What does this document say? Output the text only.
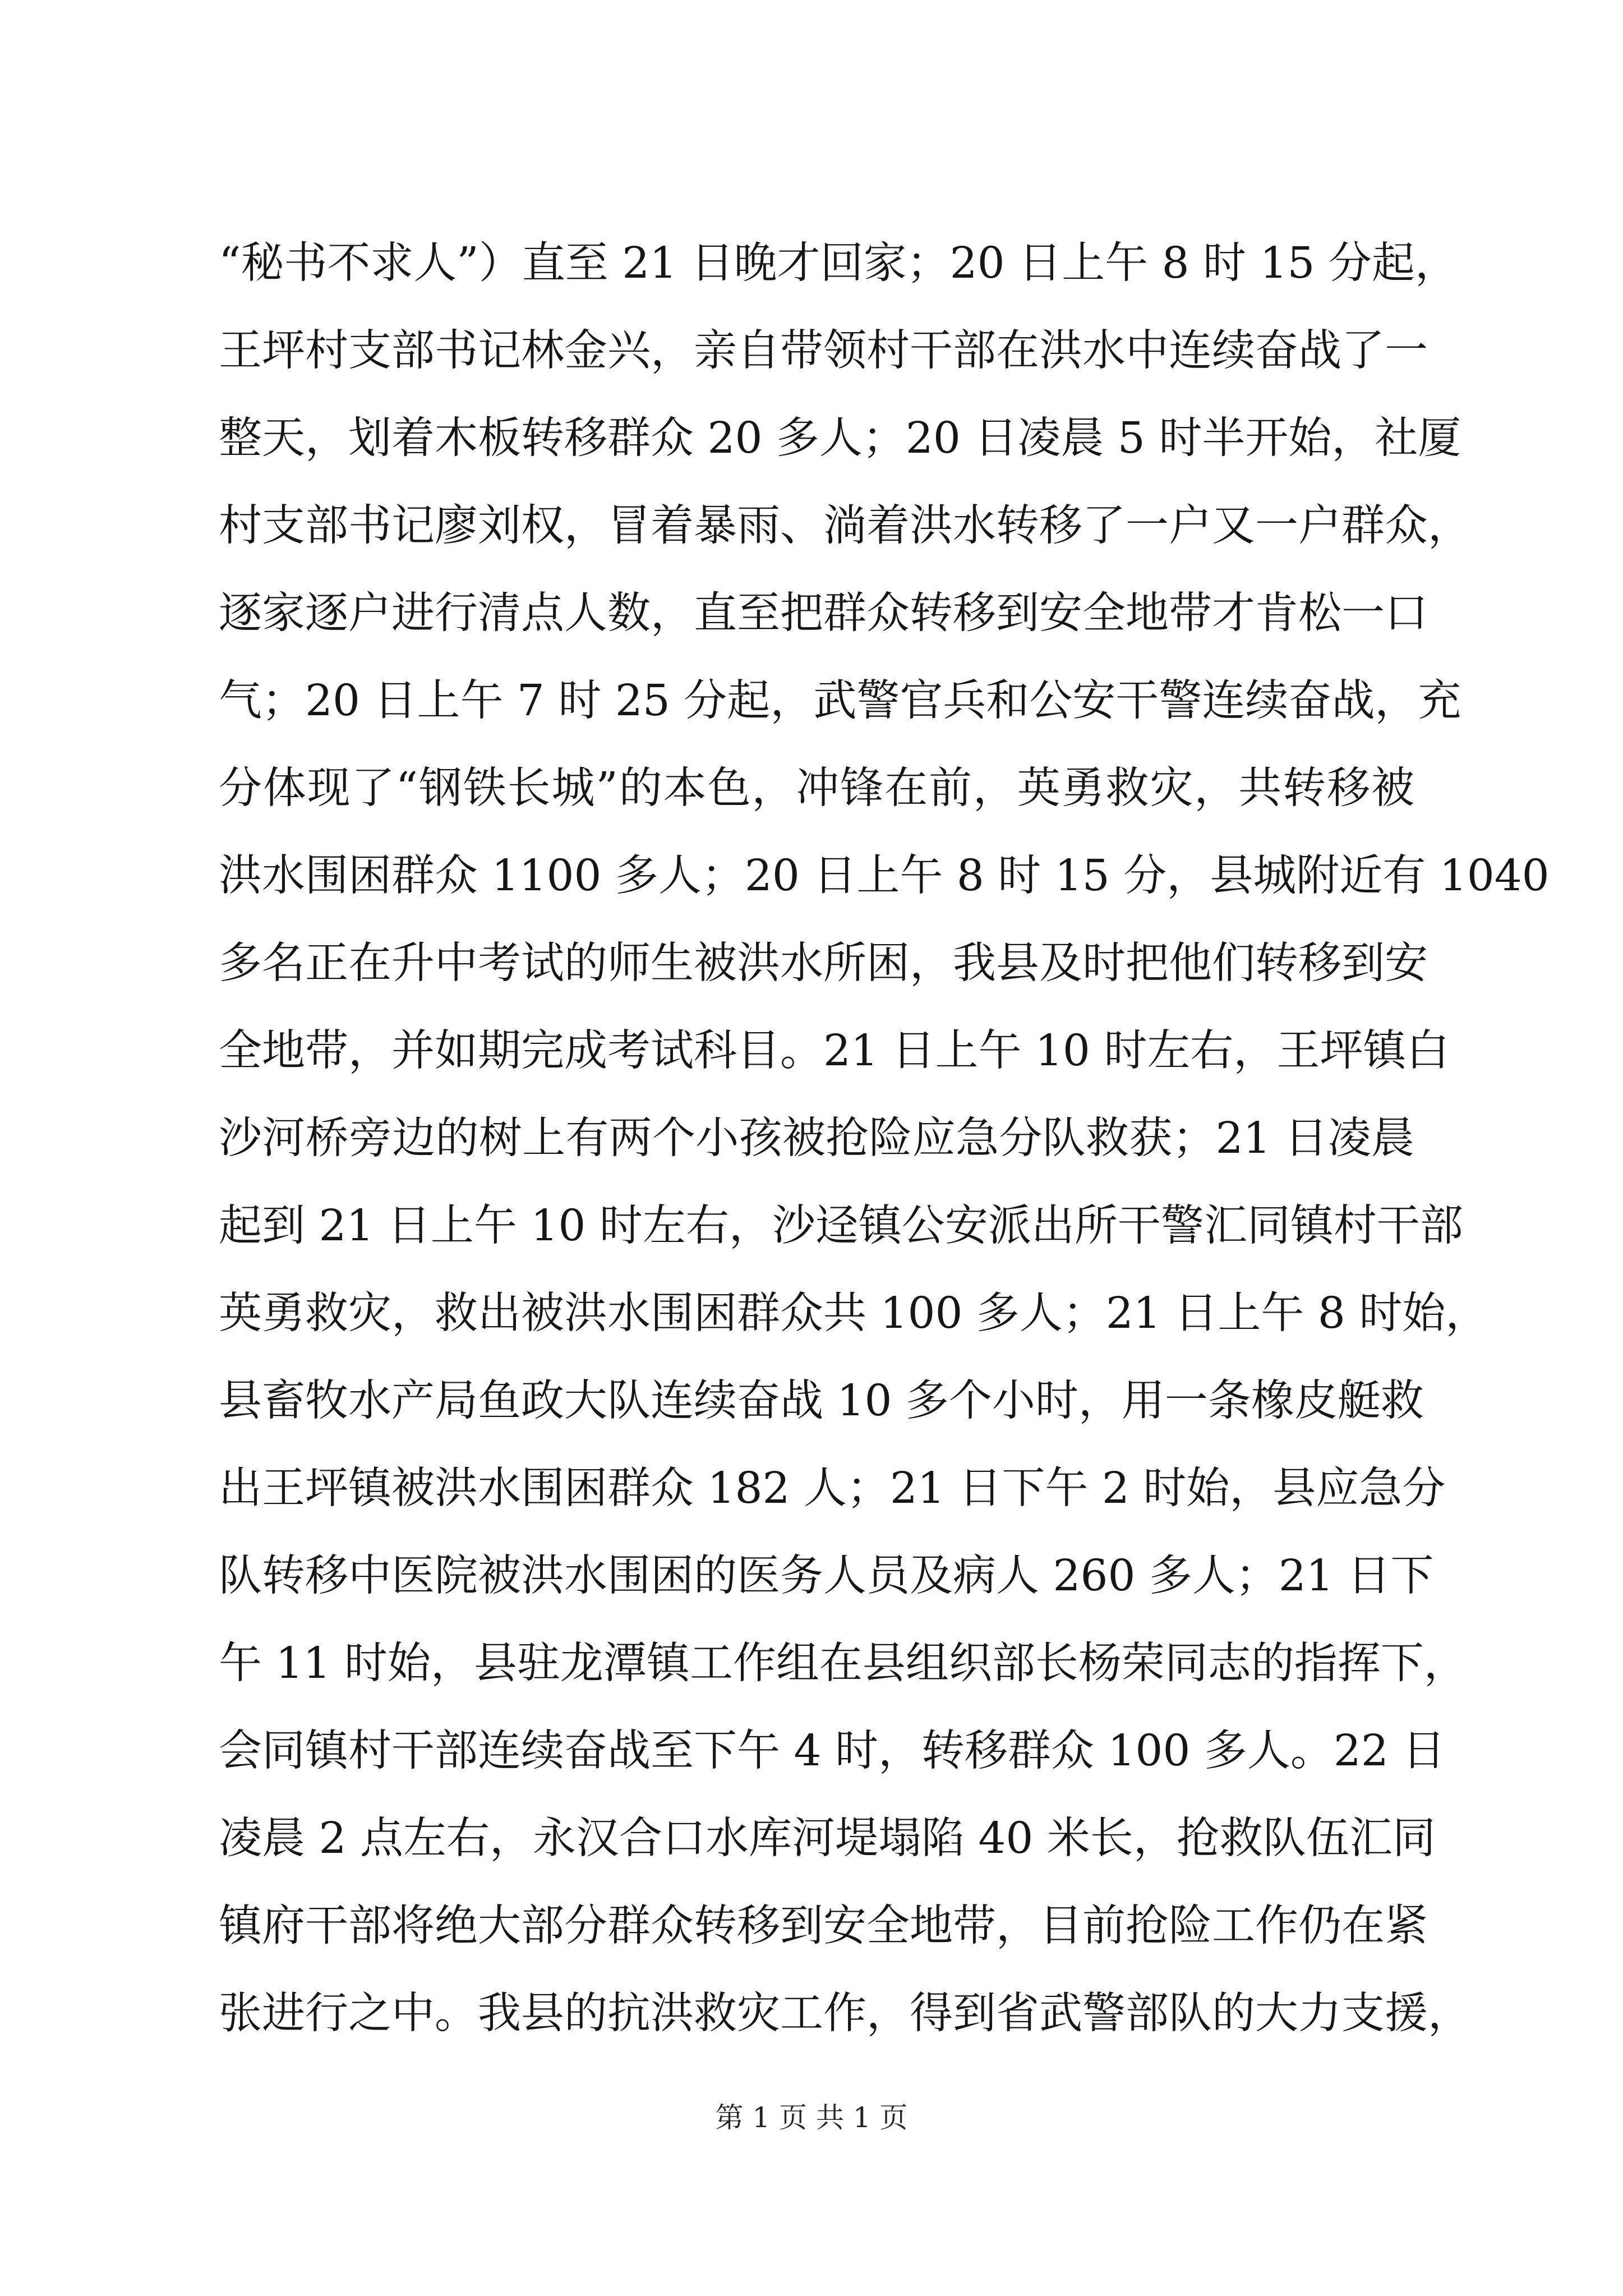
“秘书不求人”）直至 21 日晚才回家；20 日上午 8 时 15 分起，
王坪村支部书记林金兴，亲自带领村干部在洪水中连续奋战了一
整天，划着木板转移群众 20 多人；20 日凌晨 5 时半开始，社厦
村支部书记廖刘权，冒着暴雨、淌着洪水转移了一户又一户群众，
逐家逐户进行清点人数，直至把群众转移到安全地带才肯松一口
气；20 日上午 7 时 25 分起，武警官兵和公安干警连续奋战，充
分体现了“钢铁长城”的本色，冲锋在前，英勇救灾，共转移被
洪水围困群众 1100 多人；20 日上午 8 时 15 分，县城附近有 1040
多名正在升中考试的师生被洪水所困，我县及时把他们转移到安
全地带，并如期完成考试科目。21 日上午 10 时左右，王坪镇白
沙河桥旁边的树上有两个小孩被抢险应急分队救获；21 日凌晨
起到 21 日上午 10 时左右，沙迳镇公安派出所干警汇同镇村干部
英勇救灾，救出被洪水围困群众共 100 多人；21 日上午 8 时始，
县畜牧水产局鱼政大队连续奋战 10 多个小时，用一条橡皮艇救
出王坪镇被洪水围困群众 182 人；21 日下午 2 时始，县应急分
队转移中医院被洪水围困的医务人员及病人 260 多人；21 日下
午 11 时始，县驻龙潭镇工作组在县组织部长杨荣同志的指挥下，
会同镇村干部连续奋战至下午 4 时，转移群众 100 多人。22 日
凌晨 2 点左右，永汉合口水库河堤塌陷 40 米长，抢救队伍汇同
镇府干部将绝大部分群众转移到安全地带，目前抢险工作仍在紧
张进行之中。我县的抗洪救灾工作，得到省武警部队的大力支援，
第 1 页 共 1 页
